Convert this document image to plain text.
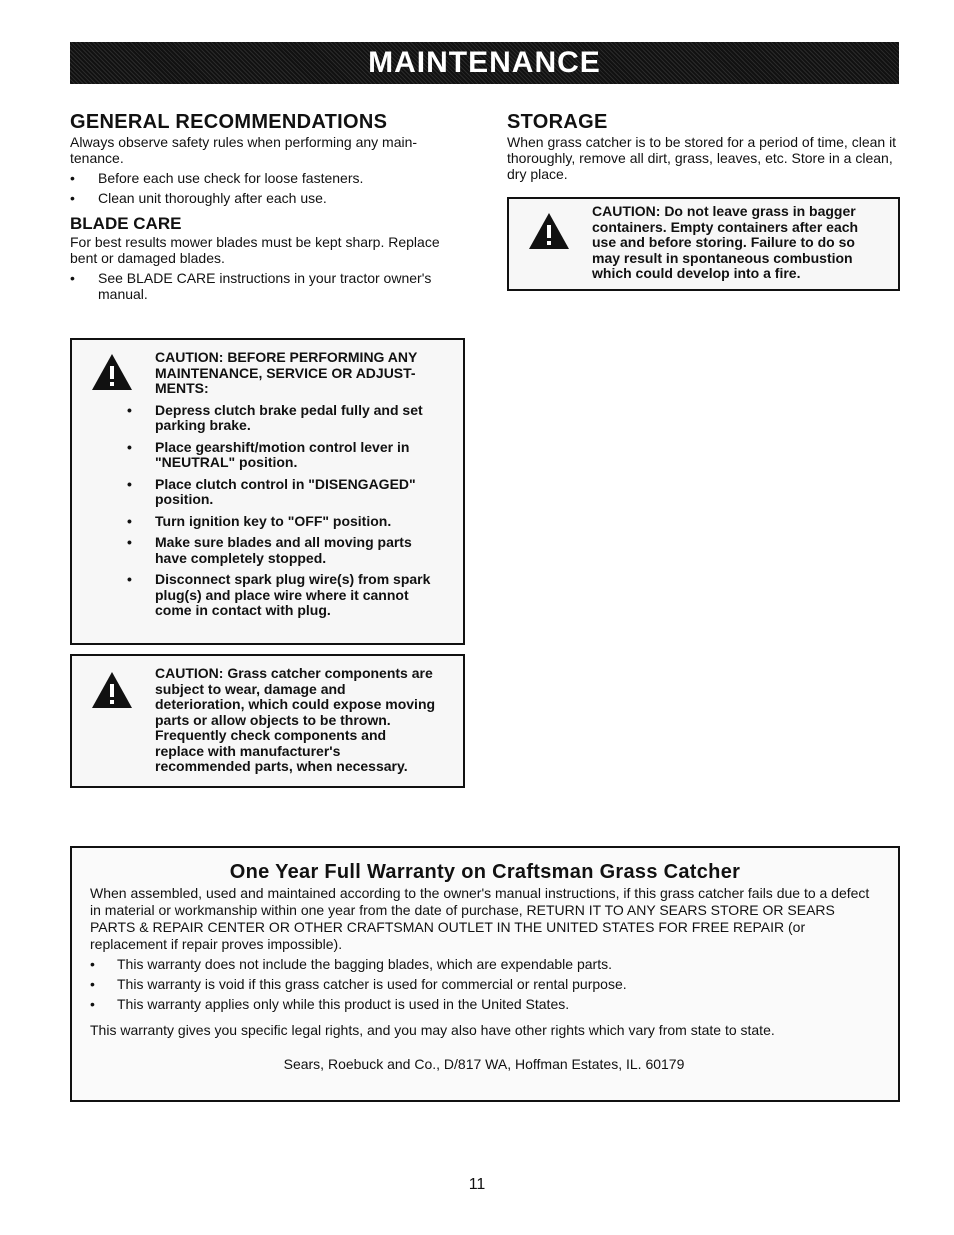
MAINTENANCE
GENERAL RECOMMENDATIONS

Always observe safety rules when performing any main- tenance.

• Before each use check for loose fasteners.
• Clean unit thoroughly after each use.
BLADE CARE

For best results mower blades must be kept sharp. Replace bent or damaged blades.

• See BLADE CARE instructions in your tractor owner's manual.
CAUTION: BEFORE PERFORMING ANY MAINTENANCE, SERVICE OR ADJUST- MENTS:
• Depress clutch brake pedal fully and set parking brake.
• Place gearshift/motion control lever in "NEUTRAL" position.
• Place clutch control in "DISENGAGED" position.
• Turn ignition key to "OFF" position.
• Make sure blades and all moving parts have completely stopped.
• Disconnect spark plug wire(s) from spark plug(s) and place wire where it cannot come in contact with plug.
CAUTION: Grass catcher components are subject to wear, damage and deterioration, which could expose moving parts or allow objects to be thrown. Frequently check components and replace with manufacturer's recommended parts, when necessary.
STORAGE

When grass catcher is to be stored for a period of time, clean it thoroughly, remove all dirt, grass, leaves, etc. Store in a clean, dry place.

CAUTION: Do not leave grass in bagger containers. Empty containers after each use and before storing. Failure to do so may result in spontaneous combustion which could develop into a fire.
One Year Full Warranty on Craftsman Grass Catcher

When assembled, used and maintained according to the owner's manual instructions, if this grass catcher fails due to a defect in material or workmanship within one year from the date of purchase, RETURN IT TO ANY SEARS STORE OR SEARS PARTS & REPAIR CENTER OR OTHER CRAFTSMAN OUTLET IN THE UNITED STATES FOR FREE REPAIR (or replacement if repair proves impossible).

• This warranty does not include the bagging blades, which are expendable parts.
• This warranty is void if this grass catcher is used for commercial or rental purpose.
• This warranty applies only while this product is used in the United States.

This warranty gives you specific legal rights, and you may also have other rights which vary from state to state.

Sears, Roebuck and Co., D/817 WA, Hoffman Estates, IL. 60179

11
